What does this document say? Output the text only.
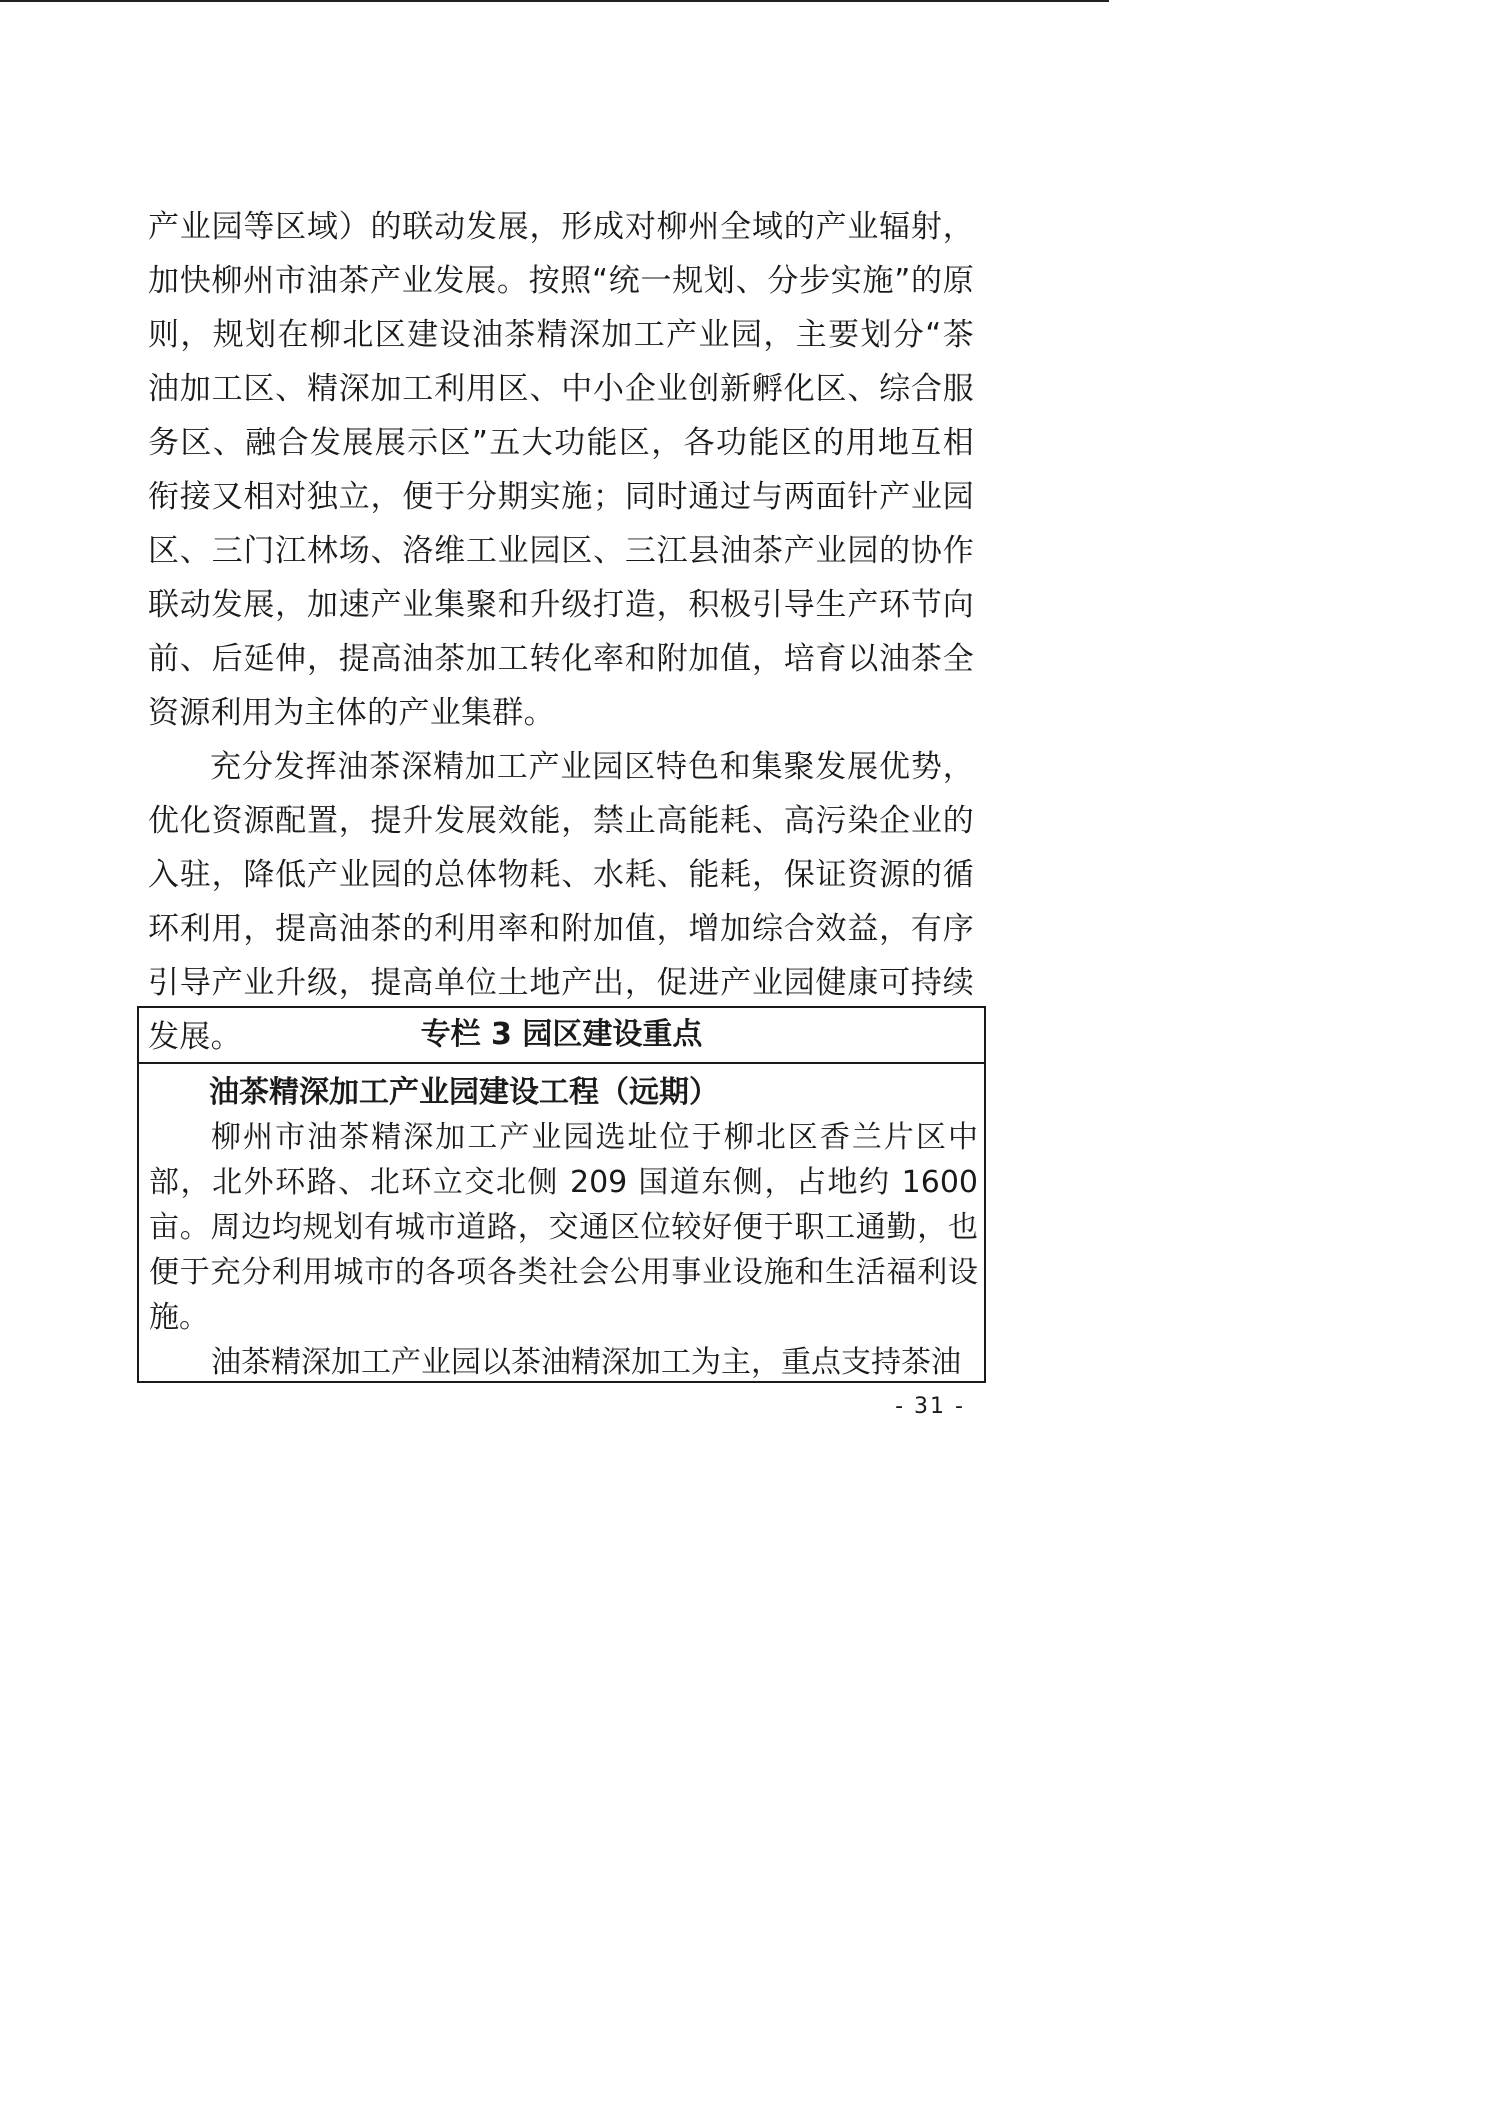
产业园等区域）的联动发展，形成对柳州全域的产业辐射，加快柳州市油茶产业发展。按照“统一规划、分步实施”的原则，规划在柳北区建设油茶精深加工产业园，主要划分“茶油加工区、精深加工利用区、中小企业创新孵化区、综合服务区、融合发展展示区”五大功能区，各功能区的用地互相衔接又相对独立，便于分期实施；同时通过与两面针产业园区、三门江林场、洛维工业园区、三江县油茶产业园的协作联动发展，加速产业集聚和升级打造，积极引导生产环节向前、后延伸，提高油茶加工转化率和附加值，培育以油茶全资源利用为主体的产业集群。

充分发挥油茶深精加工产业园区特色和集聚发展优势，优化资源配置，提升发展效能，禁止高能耗、高污染企业的入驻，降低产业园的总体物耗、水耗、能耗，保证资源的循环利用，提高油茶的利用率和附加值，增加综合效益，有序引导产业升级，提高单位土地产出，促进产业园健康可持续发展。	专栏 3 园区建设重点

油茶精深加工产业园建设工程（远期）

柳州市油茶精深加工产业园选址位于柳北区香兰片区中部，北外环路、北环立交北侧 209 国道东侧，占地约 1600 亩。周边均规划有城市道路，交通区位较好便于职工通勤，也便于充分利用城市的各项各类社会公用事业设施和生活福利设施。

油茶精深加工产业园以茶油精深加工为主，重点支持茶油

- 31 -
